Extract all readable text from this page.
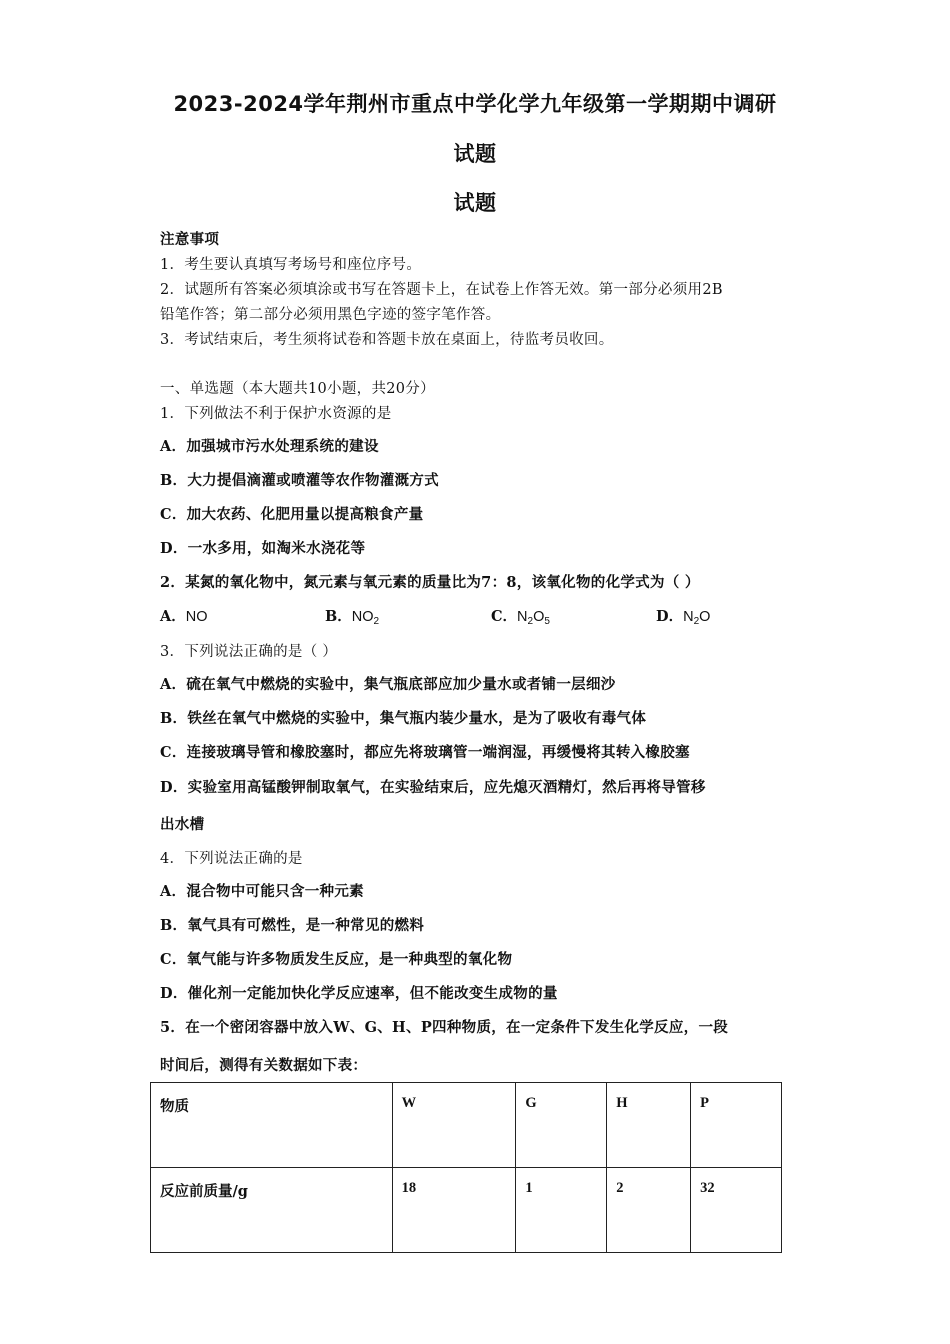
2023-2024学年荆州市重点中学化学九年级第一学期期中调研
试题
试题
注意事项
1．考生要认真填写考场号和座位序号。
2．试题所有答案必须填涂或书写在答题卡上，在试卷上作答无效。第一部分必须用2B
铅笔作答；第二部分必须用黑色字迹的签字笔作答。
3．考试结束后，考生须将试卷和答题卡放在桌面上，待监考员收回。
一、单选题（本大题共10小题，共20分）
1．下列做法不利于保护水资源的是
A．加强城市污水处理系统的建设
B．大力提倡滴灌或喷灌等农作物灌溉方式
C．加大农药、化肥用量以提高粮食产量
D．一水多用，如淘米水浇花等
2．某氮的氧化物中，氮元素与氧元素的质量比为7：8，该氧化物的化学式为（ ）
A．NO	B．$NO_2$	C．$N_2O_5$	D．$N_2O$
3．下列说法正确的是（ ）
A．硫在氧气中燃烧的实验中，集气瓶底部应加少量水或者铺一层细沙
B．铁丝在氧气中燃烧的实验中，集气瓶内装少量水，是为了吸收有毒气体
C．连接玻璃导管和橡胶塞时，都应先将玻璃管一端润湿，再缓慢将其转入橡胶塞
D．实验室用高锰酸钾制取氧气，在实验结束后，应先熄灭酒精灯，然后再将导管移
出水槽
4．下列说法正确的是
A．混合物中可能只含一种元素
B．氧气具有可燃性，是一种常见的燃料
C．氧气能与许多物质发生反应，是一种典型的氧化物
D．催化剂一定能加快化学反应速率，但不能改变生成物的量
5．在一个密闭容器中放入W、G、H、P四种物质，在一定条件下发生化学反应，一段
时间后，测得有关数据如下表：
物质	W	G	H	P
反应前质量/g	18	1	2	32
